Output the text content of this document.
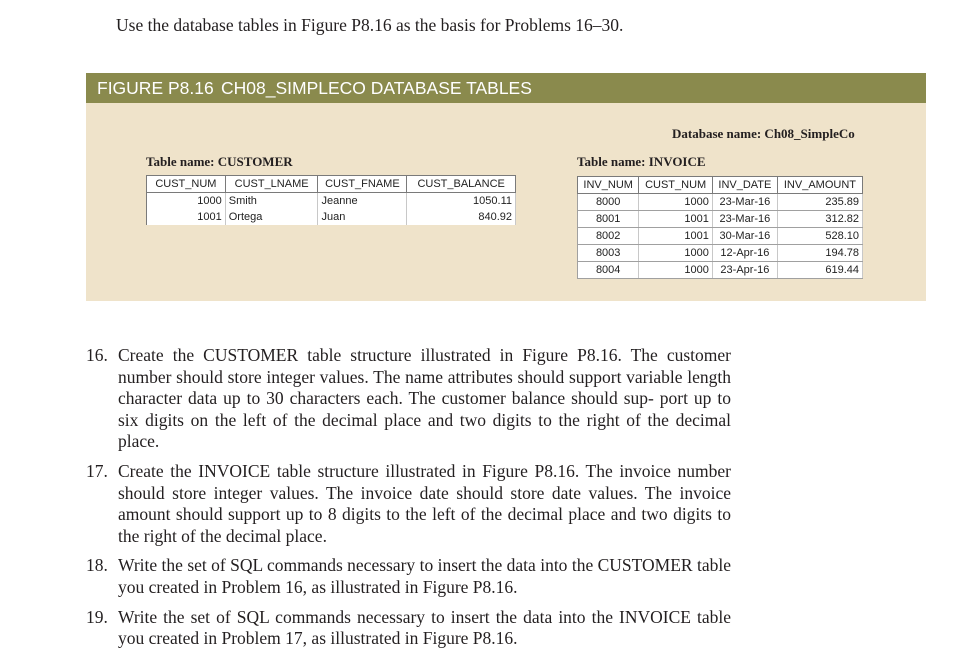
Use the database tables in Figure P8.16 as the basis for Problems 16–30.
FIGURE P8.16 CH08_SIMPLECO DATABASE TABLES
Database name: Ch08_SimpleCo
Table name: CUSTOMER
CUST_NUM	CUST_LNAME	CUST_FNAME	CUST_BALANCE
1000	Smith	Jeanne	1050.11
1001	Ortega	Juan	840.92
Table name: INVOICE
INV_NUM	CUST_NUM	INV_DATE	INV_AMOUNT
8000	1000	23-Mar-16	235.89
8001	1001	23-Mar-16	312.82
8002	1001	30-Mar-16	528.10
8003	1000	12-Apr-16	194.78
8004	1000	23-Apr-16	619.44
16. Create the CUSTOMER table structure illustrated in Figure P8.16. The customer number should store integer values. The name attributes should support variable length character data up to 30 characters each. The customer balance should sup- port up to six digits on the left of the decimal place and two digits to the right of the decimal place.
17. Create the INVOICE table structure illustrated in Figure P8.16. The invoice number should store integer values. The invoice date should store date values. The invoice amount should support up to 8 digits to the left of the decimal place and two digits to the right of the decimal place.
18. Write the set of SQL commands necessary to insert the data into the CUSTOMER table you created in Problem 16, as illustrated in Figure P8.16.
19. Write the set of SQL commands necessary to insert the data into the INVOICE table you created in Problem 17, as illustrated in Figure P8.16.
